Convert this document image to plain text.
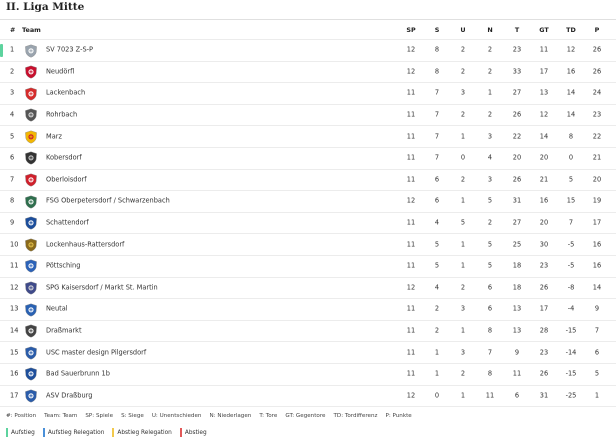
II. Liga Mitte
# Team	SP	S	U	N	T	GT	TD	P
1	SV 7023 Z-S-P	12	8	2	2	23	11	12	26
2	Neudörfl	12	8	2	2	33	17	16	26
3	Lackenbach	11	7	3	1	27	13	14	24
4	Rohrbach	11	7	2	2	26	12	14	23
5	Marz	11	7	1	3	22	14	8	22
6	Kobersdorf	11	7	0	4	20	20	0	21
7	Oberloisdorf	11	6	2	3	26	21	5	20
8	FSG Oberpetersdorf / Schwarzenbach	12	6	1	5	31	16	15	19
9	Schattendorf	11	4	5	2	27	20	7	17
10	Lockenhaus-Rattersdorf	11	5	1	5	25	30	-5	16
11	Pöttsching	11	5	1	5	18	23	-5	16
12	SPG Kaisersdorf / Markt St. Martin	12	4	2	6	18	26	-8	14
13	Neutal	11	2	3	6	13	17	-4	9
14	Draßmarkt	11	2	1	8	13	28	-15	7
15	USC master design Pilgersdorf	11	1	3	7	9	23	-14	6
16	Bad Sauerbrunn 1b	11	1	2	8	11	26	-15	5
17	ASV Draßburg	12	0	1	11	6	31	-25	1
#: Position Team: Team SP: Spiele S: Siege U: Unentschieden N: Niederlagen T: Tore GT: Gegentore TD: Tordifferenz P: Punkte
Aufstieg Aufstieg Relegation Abstieg Relegation Abstieg
